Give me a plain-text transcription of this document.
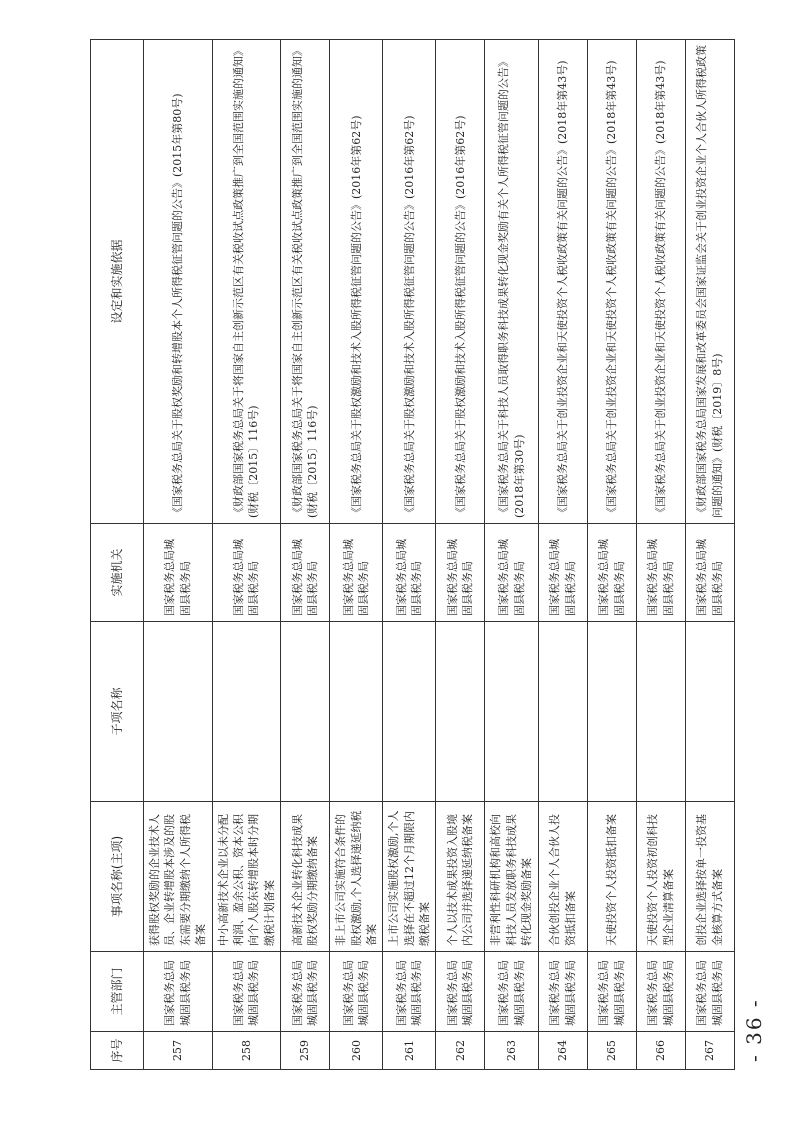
序号	主管部门	事项名称(主项)	子项名称	实施机关	设定和实施依据
257	国家税务总局城固县税务局	获得股权奖励的企业技术人员、企业转增股本涉及的股东需要分期缴纳个人所得税备案		国家税务总局城固县税务局	《国家税务总局关于股权奖励和转增股本个人所得税征管问题的公告》(2015年第80号)
258	国家税务总局城固县税务局	中小高新技术企业以未分配利润、盈余公积、资本公积向个人股东转增股本时分期缴税计划备案		国家税务总局城固县税务局	《财政部国家税务总局关于将国家自主创新示范区有关税收试点政策推广到全国范围实施的通知》(财税〔2015〕116号)
259	国家税务总局城固县税务局	高新技术企业转化科技成果股权奖励分期缴纳备案		国家税务总局城固县税务局	《财政部国家税务总局关于将国家自主创新示范区有关税收试点政策推广到全国范围实施的通知》(财税〔2015〕116号)
260	国家税务总局城固县税务局	非上市公司实施符合条件的股权激励,个人选择递延纳税备案		国家税务总局城固县税务局	《国家税务总局关于股权激励和技术入股所得税征管问题的公告》(2016年第62号)
261	国家税务总局城固县税务局	上市公司实施股权激励,个人选择在不超过12个月期限内缴税备案		国家税务总局城固县税务局	《国家税务总局关于股权激励和技术入股所得税征管问题的公告》(2016年第62号)
262	国家税务总局城固县税务局	个人以技术成果投资入股境内公司并选择递延纳税备案		国家税务总局城固县税务局	《国家税务总局关于股权激励和技术入股所得税征管问题的公告》(2016年第62号)
263	国家税务总局城固县税务局	非营利性科研机构和高校向科技人员发放职务科技成果转化现金奖励备案		国家税务总局城固县税务局	《国家税务总局关于科技人员取得职务科技成果转化现金奖励有关个人所得税征管问题的公告》(2018年第30号)
264	国家税务总局城固县税务局	合伙创投企业个人合伙人投资抵扣备案		国家税务总局城固县税务局	《国家税务总局关于创业投资企业和天使投资个人税收政策有关问题的公告》(2018年第43号)
265	国家税务总局城固县税务局	天使投资个人投资抵扣备案		国家税务总局城固县税务局	《国家税务总局关于创业投资企业和天使投资个人税收政策有关问题的公告》(2018年第43号)
266	国家税务总局城固县税务局	天使投资个人投资初创科技型企业清算备案		国家税务总局城固县税务局	《国家税务总局关于创业投资企业和天使投资个人税收政策有关问题的公告》(2018年第43号)
267	国家税务总局城固县税务局	创投企业选择按单一投资基金核算方式备案		国家税务总局城固县税务局	《财政部国家税务总局国家发展和改革委员会国家证监会关于创业投资企业个人合伙人所得税政策问题的通知》(财税〔2019〕8号)
- 36 -
